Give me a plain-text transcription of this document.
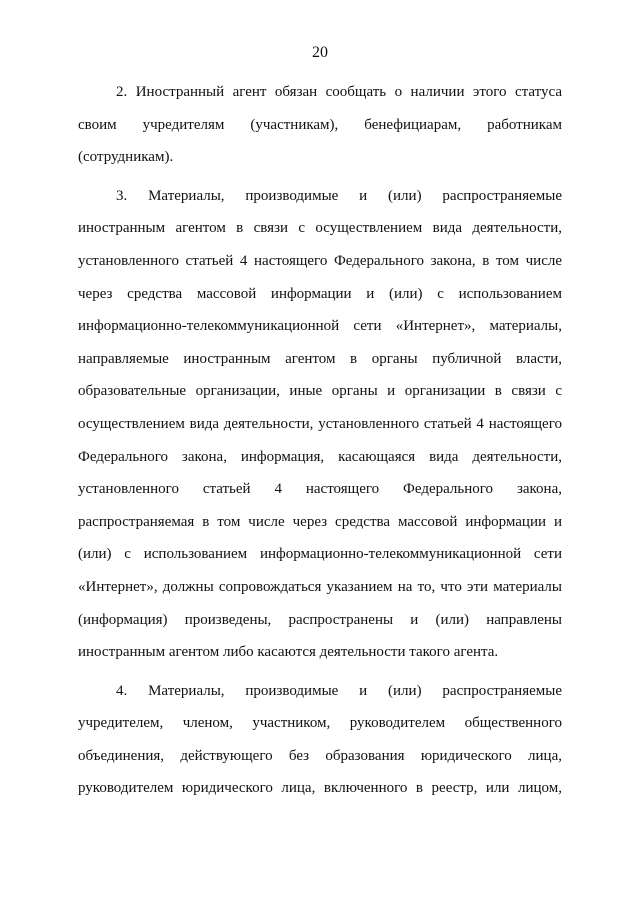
20
2. Иностранный агент обязан сообщать о наличии этого статуса
своим учредителям (участникам), бенефициарам, работникам
(сотрудникам).
3. Материалы, производимые и (или) распространяемые
иностранным агентом в связи с осуществлением вида деятельности,
установленного статьей 4 настоящего Федерального закона, в том числе
через средства массовой информации и (или) с использованием
информационно-телекоммуникационной сети «Интернет», материалы,
направляемые иностранным агентом в органы публичной власти,
образовательные организации, иные органы и организации в связи с
осуществлением вида деятельности, установленного статьей 4 настоящего
Федерального закона, информация, касающаяся вида деятельности,
установленного статьей 4 настоящего Федерального закона,
распространяемая в том числе через средства массовой информации и
(или) с использованием информационно-телекоммуникационной сети
«Интернет», должны сопровождаться указанием на то, что эти материалы
(информация) произведены, распространены и (или) направлены
иностранным агентом либо касаются деятельности такого агента.
4. Материалы, производимые и (или) распространяемые
учредителем, членом, участником, руководителем общественного
объединения, действующего без образования юридического лица,
руководителем юридического лица, включенного в реестр, или лицом,
